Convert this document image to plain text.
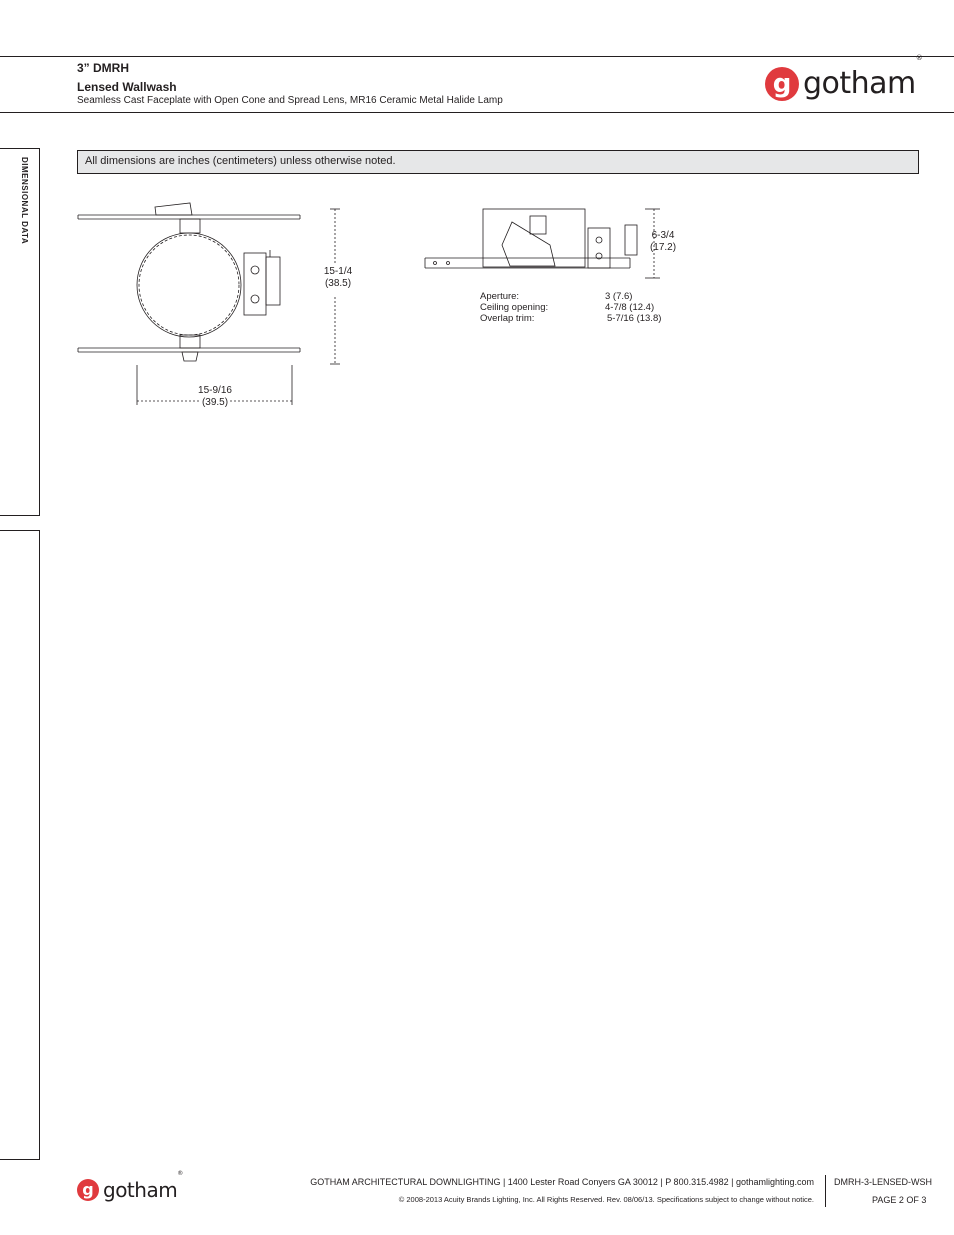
3” DMRH
Lensed Wallwash
Seamless Cast Faceplate with Open Cone and Spread Lens, MR16 Ceramic Metal Halide Lamp
g gotham®
DIMENSIONAL DATA	All dimensions are inches (centimeters) unless otherwise noted.
15-1/4
(38.5)
15-9/16
(39.5)
6-3/4
(17.2)
Aperture:	3 (7.6)
Ceiling opening:	4-7/8 (12.4)
Overlap trim:	5-7/16 (13.8)
g gotham®
GOTHAM ARCHITECTURAL DOWNLIGHTING | 1400 Lester Road Conyers GA 30012 | P 800.315.4982 | gothamlighting.com
© 2008-2013 Acuity Brands Lighting, Inc. All Rights Reserved. Rev. 08/06/13. Specifications subject to change without notice.
DMRH-3-LENSED-WSH
PAGE 2 OF 3
